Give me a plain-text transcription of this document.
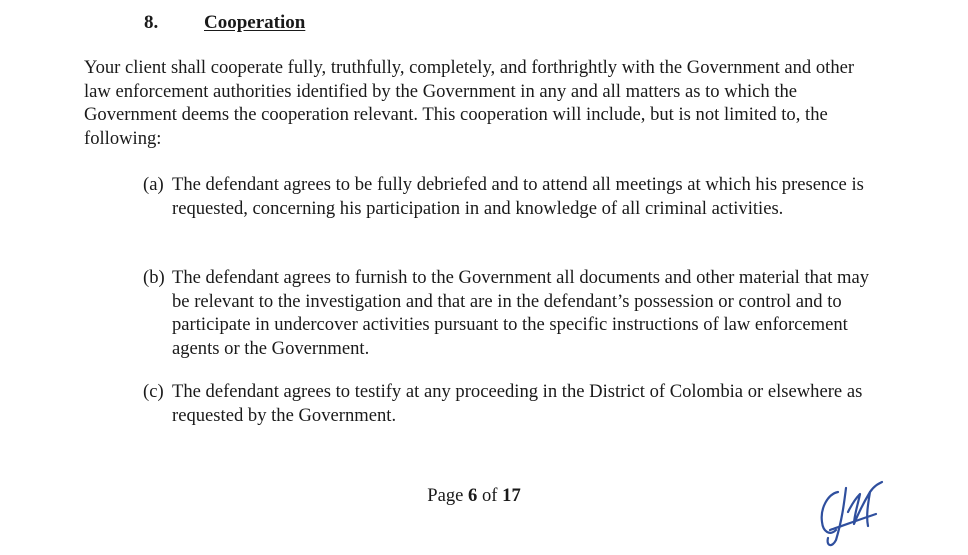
8. Cooperation

Your client shall cooperate fully, truthfully, completely, and forthrightly with the Government and other law enforcement authorities identified by the Government in any and all matters as to which the Government deems the cooperation relevant. This cooperation will include, but is not limited to, the following:

(a) The defendant agrees to be fully debriefed and to attend all meetings at which his presence is requested, concerning his participation in and knowledge of all criminal activities.
(b) The defendant agrees to furnish to the Government all documents and other material that may be relevant to the investigation and that are in the defendant’s possession or control and to participate in undercover activities pursuant to the specific instructions of law enforcement agents or the Government.
(c) The defendant agrees to testify at any proceeding in the District of Colombia or elsewhere as requested by the Government.
Page 6 of 17
